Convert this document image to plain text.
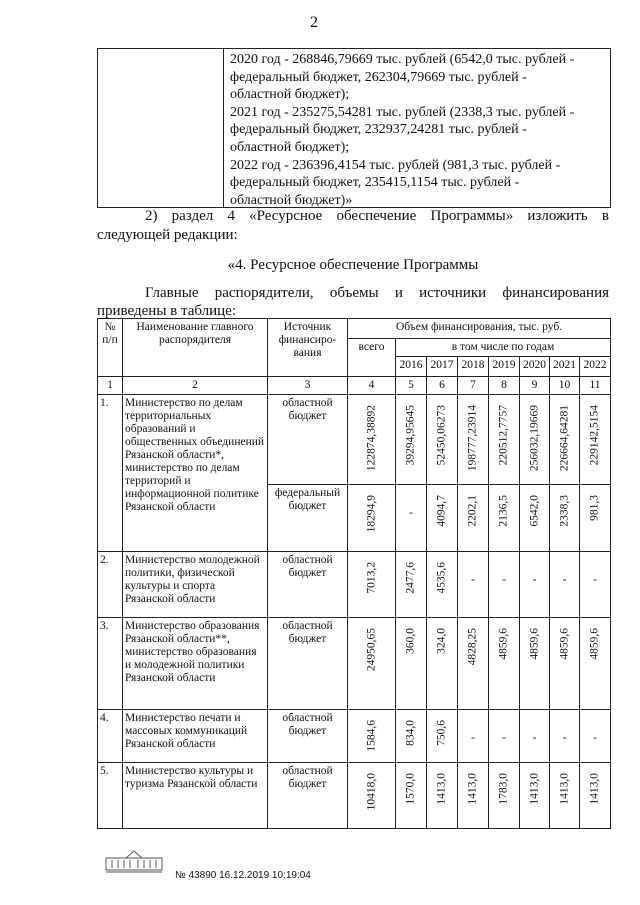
2
2020 год - 268846,79669 тыс. рублей (6542,0 тыс. рублей -
федеральный бюджет, 262304,79669 тыс. рублей -
областной бюджет);
2021 год - 235275,54281 тыс. рублей (2338,3 тыс. рублей -
федеральный бюджет, 232937,24281 тыс. рублей -
областной бюджет);
2022 год - 236396,4154 тыс. рублей (981,3 тыс. рублей -
федеральный бюджет, 235415,1154 тыс. рублей -
областной бюджет)»
2) раздел 4 «Ресурсное обеспечение Программы» изложить в следующей редакции:
«4. Ресурсное обеспечение Программы
Главные распорядители, объемы и источники финансирования приведены в таблице:
№ п/п	Наименование главного распорядителя	Источник финансиро-вания	Объем финансирования, тыс. руб.							
			всего	в том числе по годам						
				2016	2017	2018	2019	2020	2021	2022
1	2	3	4	5	6	7	8	9	10	11
1.	Министерство по делам территориальных образований и общественных объединений Рязанской области*, министерство по делам территорий и информационной политике Рязанской области	областной бюджет	122874,38892	39294,95645	52450,06273	198777,23914	220512,7757	256032,19669	226664,64281	229142,5154

		федеральный бюджет	18294,9	-	4094,7	2202,1	2136,5	6542,0	2338,3	981,3

2.	Министерство молодежной политики, физической культуры и спорта Рязанской области	областной бюджет	7013,2	2477,6	4535,6	-	-	-	-	-
3.	Министерство образования Рязанской области**, министерство образования и молодежной политики Рязанской области	областной бюджет	24950,65	360,0	324,0	4828,25	4859,6	4859,6	4859,6	4859,6

4.	Министерство печати и массовых коммуникаций Рязанской области	областной бюджет	1584,6	834,0	750,6	-	-	-	-	-
5.	Министерство культуры и туризма Рязанской области	областной бюджет	10418,0	1570,0	1413,0	1413,0	1783,0	1413,0	1413,0	1413,0
№ 43890 16.12.2019 10:19:04
